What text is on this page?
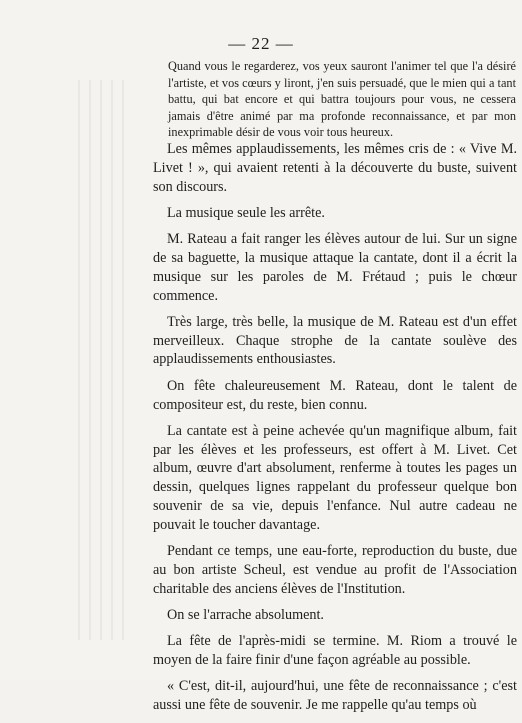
— 22 —
Quand vous le regarderez, vos yeux sauront l'animer tel que l'a désiré l'artiste, et vos cœurs y liront, j'en suis persuadé, que le mien qui a tant battu, qui bat encore et qui battra toujours pour vous, ne cessera jamais d'être animé par ma profonde reconnaissance, et par mon inexprimable désir de vous voir tous heureux.

Les mêmes applaudissements, les mêmes cris de : « Vive M. Livet ! », qui avaient retenti à la découverte du buste, suivent son discours.

La musique seule les arrête.

M. Rateau a fait ranger les élèves autour de lui. Sur un signe de sa baguette, la musique attaque la cantate, dont il a écrit la musique sur les paroles de M. Frétaud ; puis le chœur commence.

Très large, très belle, la musique de M. Rateau est d'un effet merveilleux. Chaque strophe de la cantate soulève des applaudissements enthousiastes.

On fête chaleureusement M. Rateau, dont le talent de compositeur est, du reste, bien connu.

La cantate est à peine achevée qu'un magnifique album, fait par les élèves et les professeurs, est offert à M. Livet. Cet album, œuvre d'art absolument, renferme à toutes les pages un dessin, quelques lignes rappelant du professeur quelque bon souvenir de sa vie, depuis l'enfance. Nul autre cadeau ne pouvait le toucher davantage.

Pendant ce temps, une eau-forte, reproduction du buste, due au bon artiste Scheul, est vendue au profit de l'Association charitable des anciens élèves de l'Institution.

On se l'arrache absolument.

La fête de l'après-midi se termine. M. Riom a trouvé le moyen de la faire finir d'une façon agréable au possible.

« C'est, dit-il, aujourd'hui, une fête de reconnaissance ; c'est aussi une fête de souvenir. Je me rappelle qu'au temps où
